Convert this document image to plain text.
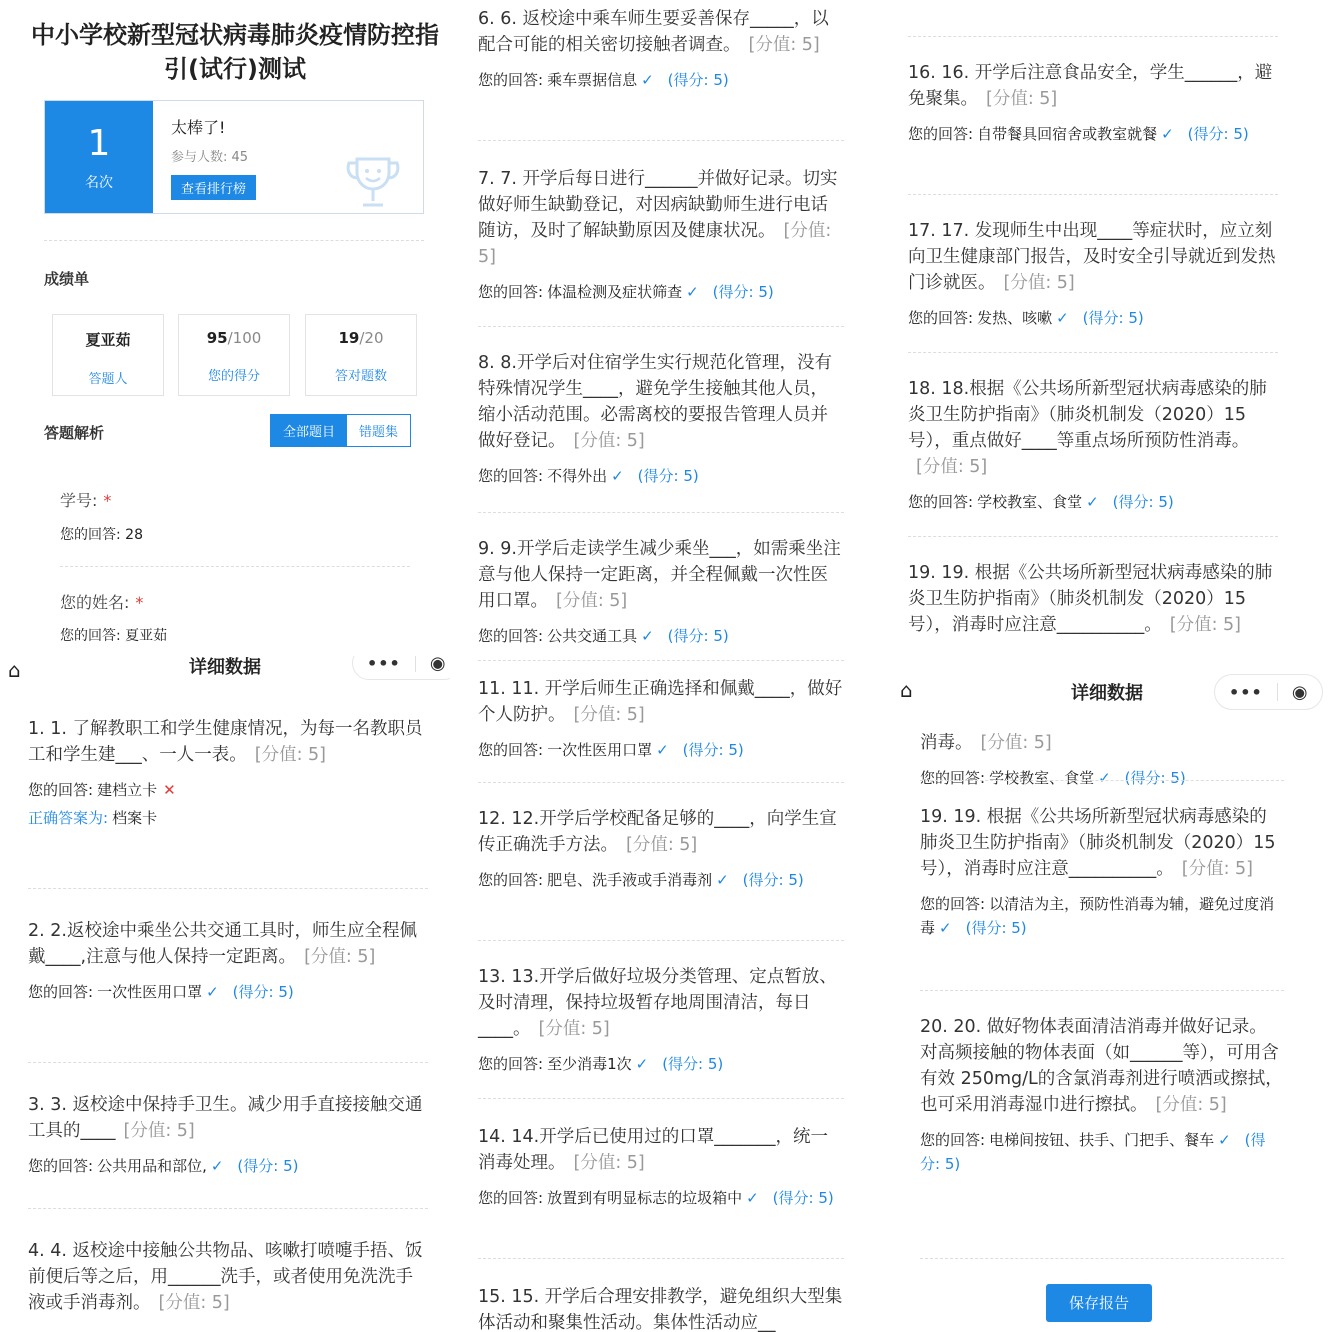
中小学校新型冠状病毒肺炎疫情防控指引(试行)测试
1
名次
太棒了!
参与人数: 45
查看排行榜
成绩单
夏亚茹
答题人
95/100
您的得分
19/20
答对题数
答题解析	全部题目	错题集
学号: *
您的回答: 28
您的姓名: *
您的回答: 夏亚茹
⌂	详细数据	•••	◉
1. 1. 了解教职工和学生健康情况，为每一名教职员工和学生建___、一人一表。 [分值: 5]
您的回答: 建档立卡 ✕
正确答案为: 档案卡
2. 2.返校途中乘坐公共交通工具时，师生应全程佩戴____,注意与他人保持一定距离。 [分值: 5]
您的回答: 一次性医用口罩 ✓ (得分: 5)
3. 3. 返校途中保持手卫生。减少用手直接接触交通工具的____ [分值: 5]
您的回答: 公共用品和部位, ✓ (得分: 5)
4. 4. 返校途中接触公共物品、咳嗽打喷嚏手捂、饭前便后等之后，用______洗手，或者使用免洗洗手液或手消毒剂。 [分值: 5]
6. 6. 返校途中乘车师生要妥善保存_____，以配合可能的相关密切接触者调查。 [分值: 5]
您的回答: 乘车票据信息 ✓ (得分: 5)
7. 7. 开学后每日进行______并做好记录。切实做好师生缺勤登记，对因病缺勤师生进行电话随访，及时了解缺勤原因及健康状况。 [分值: 5]
您的回答: 体温检测及症状筛查 ✓ (得分: 5)
8. 8.开学后对住宿学生实行规范化管理，没有特殊情况学生____，避免学生接触其他人员，缩小活动范围。必需离校的要报告管理人员并做好登记。 [分值: 5]
您的回答: 不得外出 ✓ (得分: 5)
9. 9.开学后走读学生减少乘坐___，如需乘坐注意与他人保持一定距离，并全程佩戴一次性医用口罩。 [分值: 5]
您的回答: 公共交通工具 ✓ (得分: 5)
11. 11. 开学后师生正确选择和佩戴____，做好个人防护。 [分值: 5]
您的回答: 一次性医用口罩 ✓ (得分: 5)
12. 12.开学后学校配备足够的____，向学生宣传正确洗手方法。 [分值: 5]
您的回答: 肥皂、洗手液或手消毒剂 ✓ (得分: 5)
13. 13.开学后做好垃圾分类管理、定点暂放、及时清理，保持垃圾暂存地周围清洁，每日____。 [分值: 5]
您的回答: 至少消毒1次 ✓ (得分: 5)
14. 14.开学后已使用过的口罩_______，统一消毒处理。 [分值: 5]
您的回答: 放置到有明显标志的垃圾箱中 ✓ (得分: 5)
15. 15. 开学后合理安排教学，避免组织大型集体活动和聚集性活动。集体性活动应__
16. 16. 开学后注意食品安全，学生______，避免聚集。 [分值: 5]
您的回答: 自带餐具回宿舍或教室就餐 ✓ (得分: 5)
17. 17. 发现师生中出现____等症状时，应立刻向卫生健康部门报告，及时安全引导就近到发热门诊就医。 [分值: 5]
您的回答: 发热、咳嗽 ✓ (得分: 5)
18. 18.根据《公共场所新型冠状病毒感染的肺炎卫生防护指南》（肺炎机制发（2020）15号），重点做好____等重点场所预防性消毒。[分值: 5]
您的回答: 学校教室、食堂 ✓ (得分: 5)
19. 19. 根据《公共场所新型冠状病毒感染的肺炎卫生防护指南》（肺炎机制发（2020）15号），消毒时应注意__________。 [分值: 5]
⌂	详细数据	•••	◉
消毒。 [分值: 5]
您的回答: 学校教室、食堂 ✓ (得分: 5)
19. 19. 根据《公共场所新型冠状病毒感染的肺炎卫生防护指南》（肺炎机制发（2020）15号），消毒时应注意__________。 [分值: 5]
您的回答: 以清洁为主，预防性消毒为辅，避免过度消毒 ✓ (得分: 5)
20. 20. 做好物体表面清洁消毒并做好记录。对高频接触的物体表面（如______等），可用含有效 250mg/L的含氯消毒剂进行喷洒或擦拭，也可采用消毒湿巾进行擦拭。 [分值: 5]
您的回答: 电梯间按钮、扶手、门把手、餐车 ✓ (得分: 5)
保存报告
